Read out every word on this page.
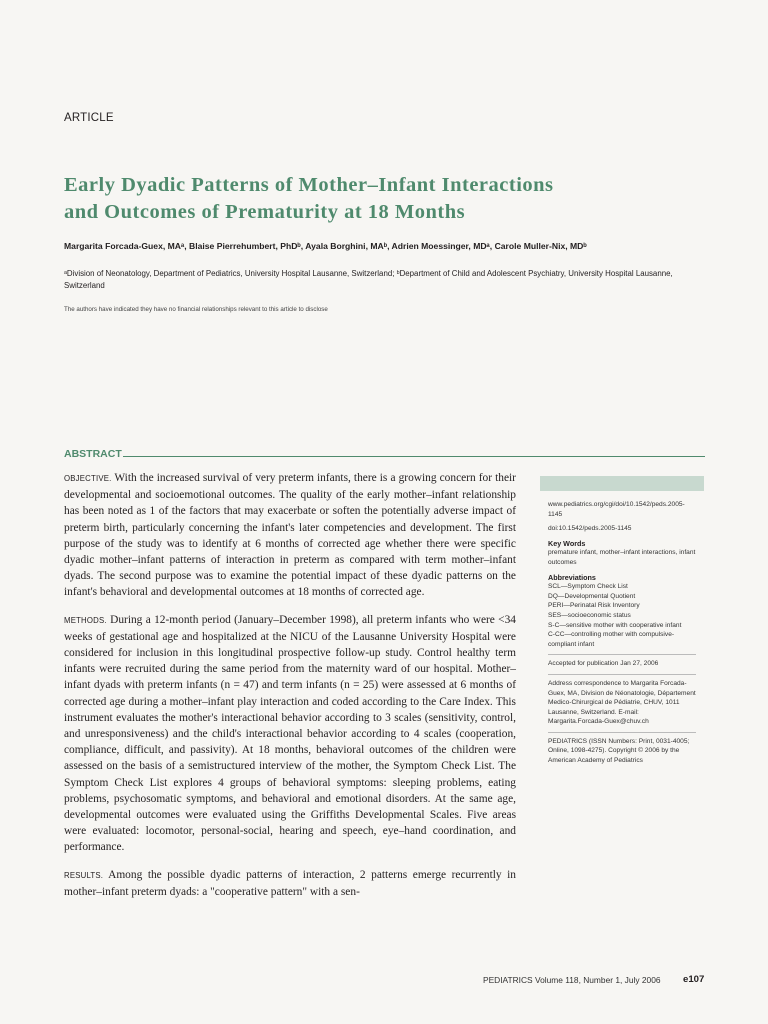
ARTICLE
Early Dyadic Patterns of Mother–Infant Interactions
and Outcomes of Prematurity at 18 Months
Margarita Forcada-Guex, MAᵃ, Blaise Pierrehumbert, PhDᵇ, Ayala Borghini, MAᵇ, Adrien Moessinger, MDᵃ, Carole Muller-Nix, MDᵇ
ᵃDivision of Neonatology, Department of Pediatrics, University Hospital Lausanne, Switzerland; ᵇDepartment of Child and Adolescent Psychiatry, University Hospital Lausanne, Switzerland
The authors have indicated they have no financial relationships relevant to this article to disclose
ABSTRACT

OBJECTIVE. With the increased survival of very preterm infants, there is a growing concern for their developmental and socioemotional outcomes. The quality of the early mother–infant relationship has been noted as 1 of the factors that may exacerbate or soften the potentially adverse impact of preterm birth, particularly concerning the infant's later competencies and development. The first purpose of the study was to identify at 6 months of corrected age whether there were specific dyadic mother–infant patterns of interaction in preterm as compared with term mother–infant dyads. The second purpose was to examine the potential impact of these dyadic patterns on the infant's behavioral and developmental outcomes at 18 months of corrected age.

METHODS. During a 12-month period (January–December 1998), all preterm infants who were <34 weeks of gestational age and hospitalized at the NICU of the Lausanne University Hospital were considered for inclusion in this longitudinal prospective follow-up study. Control healthy term infants were recruited during the same period from the maternity ward of our hospital. Mother–infant dyads with preterm infants (n = 47) and term infants (n = 25) were assessed at 6 months of corrected age during a mother–infant play interaction and coded according to the Care Index. This instrument evaluates the mother's interactional behavior according to 3 scales (sensitivity, control, and unresponsiveness) and the child's interactional behavior according to 4 scales (cooperation, compliance, difficult, and passivity). At 18 months, behavioral outcomes of the children were assessed on the basis of a semistructured interview of the mother, the Symptom Check List. The Symptom Check List explores 4 groups of behavioral symptoms: sleeping problems, eating problems, psychosomatic symptoms, and behavioral and emotional disorders. At the same age, developmental outcomes were evaluated using the Griffiths Developmental Scales. Five areas were evaluated: locomotor, personal-social, hearing and speech, eye–hand coordination, and performance.

RESULTS. Among the possible dyadic patterns of interaction, 2 patterns emerge recurrently in mother–infant preterm dyads: a "cooperative pattern" with a sen-

www.pediatrics.org/cgi/doi/10.1542/peds.2005-1145
doi:10.1542/peds.2005-1145
Key Words
premature infant, mother–infant interactions, infant outcomes
Abbreviations
SCL—Symptom Check List
DQ—Developmental Quotient
PERI—Perinatal Risk Inventory
SES—socioeconomic status
S-C—sensitive mother with cooperative infant
C-CC—controlling mother with compulsive-compliant infant
Accepted for publication Jan 27, 2006
Address correspondence to Margarita Forcada-Guex, MA, Division de Néonatologie, Département Medico-Chirurgical de Pédiatrie, CHUV, 1011 Lausanne, Switzerland. E-mail: Margarita.Forcada-Guex@chuv.ch
PEDIATRICS (ISSN Numbers: Print, 0031-4005; Online, 1098-4275). Copyright © 2006 by the American Academy of Pediatrics
PEDIATRICS Volume 118, Number 1, July 2006 e107
